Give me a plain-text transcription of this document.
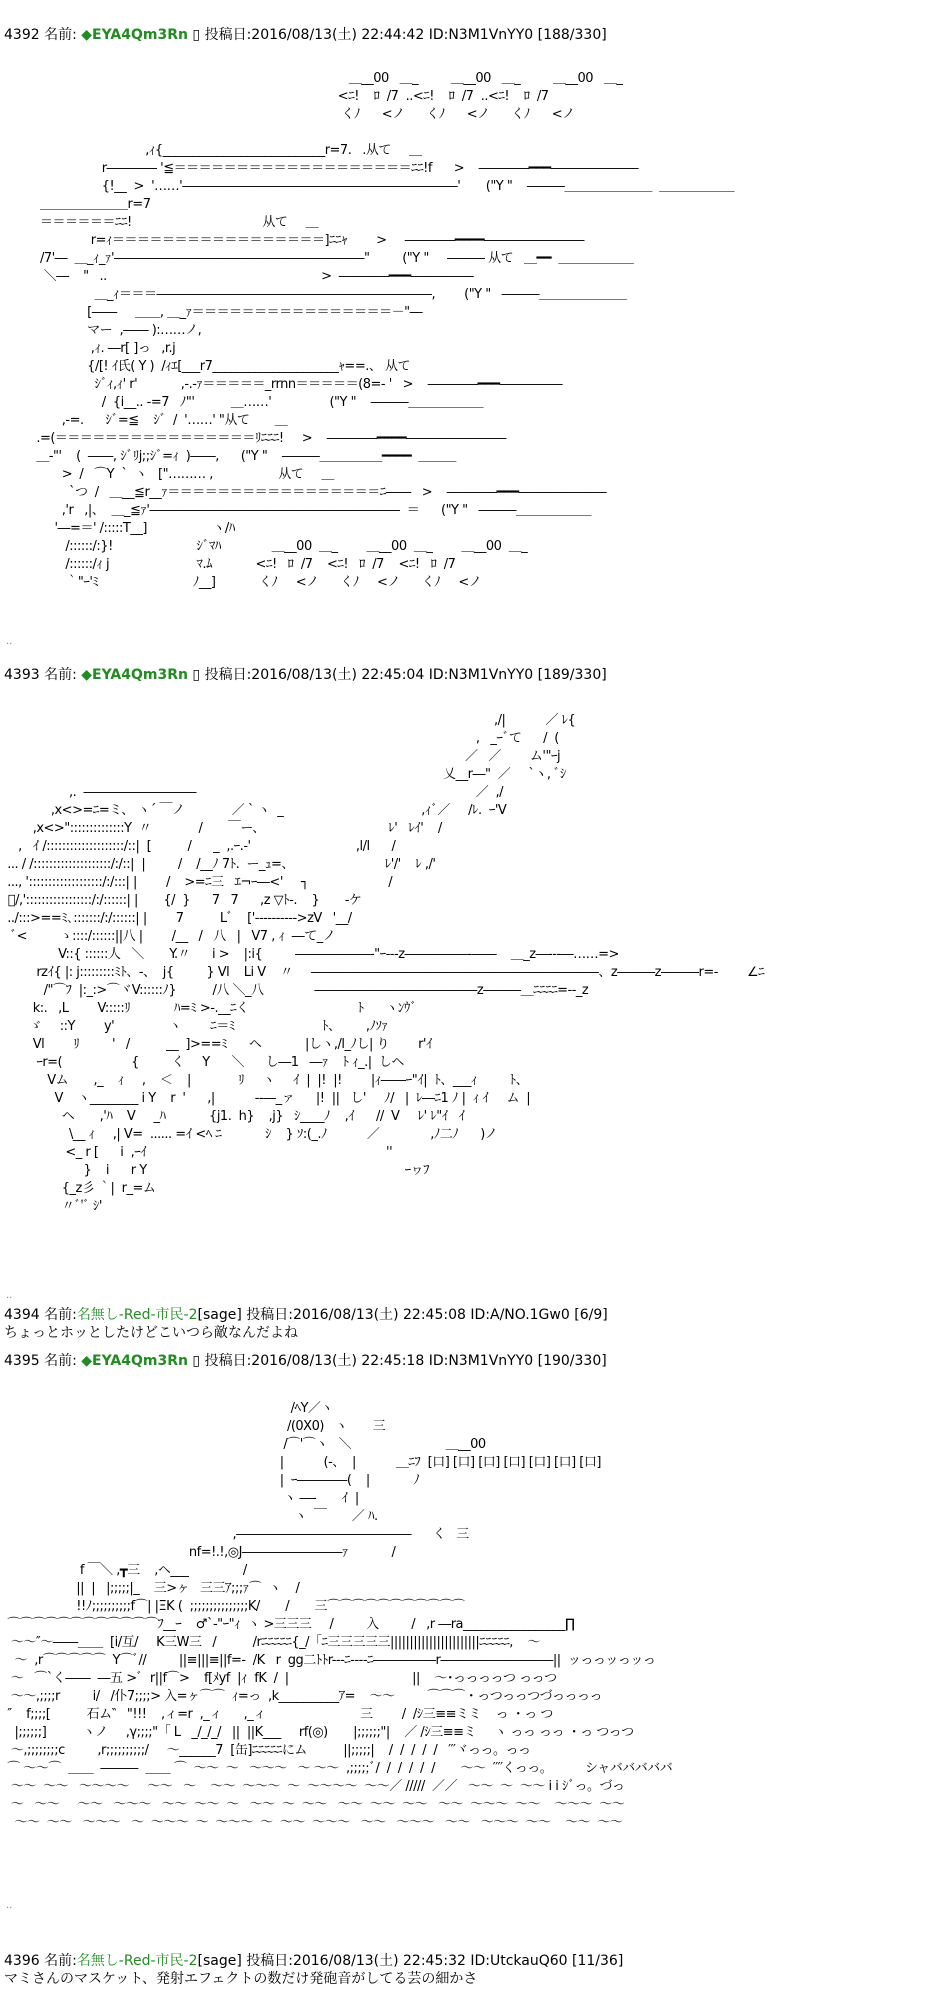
4392 名前: ◆EYA4Qm3Rn ▯ 投稿日:2016/08/13(土) 22:44:42 ID:N3M1VnYY0 [188/330]
＿__00   ＿_         ＿__00   ＿_         ＿__00   ＿_
<ﾆ!    ﾛ  /7  ..<ﾆ!    ﾛ  /7  ..<ﾆ!    ﾛ  /7
くﾉ      <ノ      くﾉ      <ノ      くﾉ      <ノ
,ｨ{___________________________r=7.   .从て     ＿
r―――― '≦＝＝＝＝＝＝＝＝＝＝＝＝＝＝＝＝＝＝＝ﾆﾆ!f      >    ――――━━━―――――――
{!__  >  '……'――――――――――――――――――――――'       ("Y "    ―――＿＿＿＿＿＿＿  ＿＿＿＿＿＿
＿＿＿＿＿＿＿r=7
＝＝＝＝＝＝ﾆﾆ!                                    从て     ＿
r=ｨ＝＝＝＝＝＝＝＝＝＝＝＝＝＝＝＝＝]ﾆﾆｬ        >     ――――━━━━――――――――
/7'―  ＿_ｨ_ｧ'――――――――――――――――――――"         ("Y "     ――― 从て   ＿━━  ＿＿＿＿＿＿
＼―    "   ..                                                           >  ――――━━━―――――
＿_ｨ＝＝＝――――――――――――――――――――――,        ("Y "   ―――＿＿＿＿＿＿＿
[――     ＿＿, ＿_ｧ＝＝＝＝＝＝＝＝＝＝＝＝＝＝＝＝－"―
マー  ,―― ):……ノ,
,ｨ. ―r[ ]っ   ,r.j
{/[! ｲ氏( Y )  /ｨｴ[___r7_____________________ｬ==.、 从て
ｼﾞｨ,ｨ' r'            ,-.-ｧ＝＝＝＝＝_rrnn＝＝＝＝＝(8=- '   >    ――――━━━―――――
/  {i__.. -=7   ﾉ"'          ＿……'                ("Y "    ―――＿＿＿＿＿＿
,-=.      ｼﾞ=≦    ｼﾞ  /  '……' "从て       ＿
.=(＝＝＝＝＝＝＝＝＝＝＝＝＝＝＝＝ﾘﾆﾆﾆ!     >    ――――━━━━――――――――
＿-"'    (  ――, ｼﾞﾘj;;ｼﾞ=ｨ  )――,      ("Y "    ―――＿＿＿＿＿━━━━  ＿＿＿
>  /   ⌒Y  `  ヽ   ["……… ,                  从て     ＿
`つ  /   ＿__≦r__ｧ＝＝＝＝＝＝＝＝＝＝＝＝＝＝＝＝＝ﾆ――   >    ――――━━━―――――――
,'r   ,|、  ＿_≦ｧ'――――――――――――――――――――  ＝      ("Y "   ―――＿＿＿＿＿＿
'―=＝' /:::::T__]                  ヽ/ﾊ
/::::::/:}!                       ｼﾞﾏﾊ              ＿__00  ＿_        ＿__00  ＿_        ＿__00  ＿_
/::::::/ｨ j                        ﾏ.ﾑ            <ﾆ!   ﾛ  /7    <ﾆ!   ﾛ  /7    <ﾆ!   ﾛ  /7
｀"ｰ'ﾐ                          ﾉ__]            くﾉ     <ノ      くﾉ     <ノ      くﾉ     <ノ
..
4393 名前: ◆EYA4Qm3Rn ▯ 投稿日:2016/08/13(土) 22:45:04 ID:N3M1VnYY0 [189/330]
,/|           ／ ﾚ{
,   _ｰﾞて      /  (
／   ／        ム'"ｰj
乂__r―"  ／     `ヽ, ﾞｼ
,.  ―――――――――                                                                             ／  ,/
,x<>=ﾆ=ミ、 ヽ´ ￣ノ             ／ ` ヽ  _                                      ,ｨﾞ／     /ﾚ.  ｰ'V
,x<>"::::::::::::::Y  〃             /       ￣ー、                                  ﾚ'   ﾚｲ'    /
,   ｲ /::::::::::::::::::::/::|  [          /      _  ,.ｰ.-'                             ,l/l      /
... / /::::::::::::::::::::/:/::|  |         /    /__ﾉ 7ﾄ.  ー_ｭ=、                         ﾚ'/'    ﾚ ,/'
..., ':::::::::::::::::::/:/:::| |        /    >=ﾆ三   ｴ¬ｰ―<'     ┐                      /
ﾞ/,':::::::::::::::::/:/::::::| |       {/  }      7   7      ,z ▽ﾄ-.    }       -ケ
../:::>==ﾐ､:::::::/:/::::::| |        7          Lﾞ    ['---------->zV   '__/
ﾞ<         ゝ::::/::::::||八 |        /__   /   八   |   V7 , ｨ  ―て_ノ
V::{ ::::::人   ＼       Y.〃      i >    |:i{         ――――――‐"ｰ-‐‐z―――――‐――    ＿_z―‐‐‐―……=>
rzｲ{ |: j:::::::::ﾐﾄ、-、  j{         } Vl    Li V    〃     ―――――――――――――――――――――――、z―――z―――r=-        ∠ﾆ
/"⌒ﾌ  |:_:>⌒ヾV::::::ﾉ}          /八 ＼_八              ―――――――――――――z―――＿ﾆﾆﾆﾆ=--_z
k:.   ,L        V:::::ﾘ            ﾊ=ﾐ >-.__ﾆく                              ﾄ      ヽﾝｳﾞ
ゞ     ::Y        y'               ヽ        ﾆ＝ﾐ                        ﾄ、       ,ﾉｿｧ
Vl        ﾘ         '   /          __  ]>==ﾐ      ヘ            |しヽ,/l_ﾉし| り        r'ｲ
ｰr=(                   {         く     Y      ＼      し―1   ―ｧ    ﾄ ｨ_.|  しヘ
Vム       ,_    ｨ     ,    ＜    |             ﾘ     ヽ     ｲ  |  |!  |!        |ｨ――ｰ"ｲ|  ﾄ、___ｨ         ﾄ、
V    ヽ________ i Y    r  '      ,|           -‐―_ァ      |!  ||   し'     ﾉ/   |  ﾚ―ﾆ1 ﾉ |  ｨ ｲ     ム  |
ヘ       ,'ﾊ    V     _ﾊ            {j1.  h}    ,j}   ｼ____ﾉ    ,ｲ      //  V     ﾚ' ﾚ"ｲ   ｲ
\__ ｨ     ,| V=  ...... =ｲ <ﾍ ﾆ            ｼ    } ｿ:(_.ﾉ           ／              ,ﾉ二ﾉ      )ノ
<_ r [      i  ,ｰｲ                                                                  ''
}    i      r Y                                                                       ｰヮﾌ
{_z彡 ｀|  r_=ム
〃ﾞ'ﾞ ｼ'
..
4394 名前:名無し-Red-市民-2[sage] 投稿日:2016/08/13(土) 22:45:08 ID:A/NO.1Gw0 [6/9]
ちょっとホッとしたけどこいつら敵なんだよね
4395 名前: ◆EYA4Qm3Rn ▯ 投稿日:2016/08/13(土) 22:45:18 ID:N3M1VnYY0 [190/330]
/ﾍY／ヽ
/(0X0)   ヽ       三
/⌒'⌒ヽ   ＼                          ＿__00
|           (-、  |           ＿ﾆﾌ  [口] [口] [口] [口] [口] [口] [口]
|  ｰ――――(    |            ﾉ
ヽ ―‐       ｲ  |
ヽ  ￣       ／ ﾊ.
,――――――――――――――      く   三
nf=!.!,◎J――――――――ｧ            /
f ￣＼ ,┳三    ,ヘ___               /
||  |   |;;;;;|_    三>ヶ   三三ｱ;;;ｧ⌒  ヽ    /
!!ﾉ;;;;;;;;;;f⌒| |ΞK (  ;;;;;;;;;;;;;;;K/       /       三⌒⌒⌒⌒⌒⌒⌒⌒⌒⌒⌒
⌒⌒⌒⌒⌒⌒⌒⌒⌒⌒⌒⌒ﾌ__ｰ    ♂`-"ｰ"ｨ  ヽ >三三三     /         入         /   ,r ―ra_________________∏
～～″～――＿＿  [i/互/     K三W三   /          /rﾆﾆﾆﾆﾆ{_/「ﾆ三三三三三|||||||||||||||||||||||ﾆﾆﾆﾆﾆ,    ～
～  ,r⌒⌒⌒⌒⌒  Y⌒ﾞ//         ||≡|||≡||f=-  /K   r  gg二ﾄﾄr---ﾆ----ﾆ―――――r―――――――――||  ッっっッっッっ
～   ⌒`く――  ―五 >ﾞ  r||f⌒>    f[ﾒyf  |ｨ  fK  /  |                                  ||    ～･っっっっつ っっつ
～～,;;;;r         i/   /仆7;;;;> 入=ヶ⌒⌒  ｨ=っ  ,k__________ｱ=    ～～         ⌒⌒⌒・っつっっつづっっっっ
″    f;;;;[          石ム‶   "!!!    ,ィ=r  ,_ィ      ,_ィ                          三        /  /ｼ三≡≡ミミ    っ ・っ つ
|;;;;;;]          ヽノ     ,γ;;;;"「 L   _/_/_/   ||  ||K___     rf(◎)       |;;;;;;"|    ／ /ｼ三≡≡ミ     ヽ っっ っっ ・っ つっつ
～,;;;;;;;;c         ,r;;;;;;;;;;/     ～______7  [缶]ﾆﾆﾆﾆﾆにム          ||;;;;;|    /  /  /  /  /   ′′′ヾっっ。っっ
⌒ ～～⌒  ＿＿  ―――  ＿＿ ⌒  ～～  ～   ～～～   ～ ～～  ,;;;;;ﾞ/  /  /  /  /  /       ～～  ′′′′くっっ。         シャバババババ
～～  ～～   ～～～～     ～～   ～    ～～  ～～～  ～  ～～～～  ～～／ /////  ／／   ～～  ～  ～～ i i ｼﾞっ。づっ
～   ～～     ～～   ～～～   ～～  ～～  ～   ～～  ～  ～～   ～～  ～～  ～～   ～～  ～～～  ～～    ～～～  ～～
～～  ～～   ～～～   ～  ～～～  ～  ～～～  ～  ～～  ～～～   ～～   ～～～   ～～   ～～～  ～～    ～～  ～～
..
4396 名前:名無し-Red-市民-2[sage] 投稿日:2016/08/13(土) 22:45:32 ID:UtckauQ60 [11/36]
マミさんのマスケット、発射エフェクトの数だけ発砲音がしてる芸の細かさ
